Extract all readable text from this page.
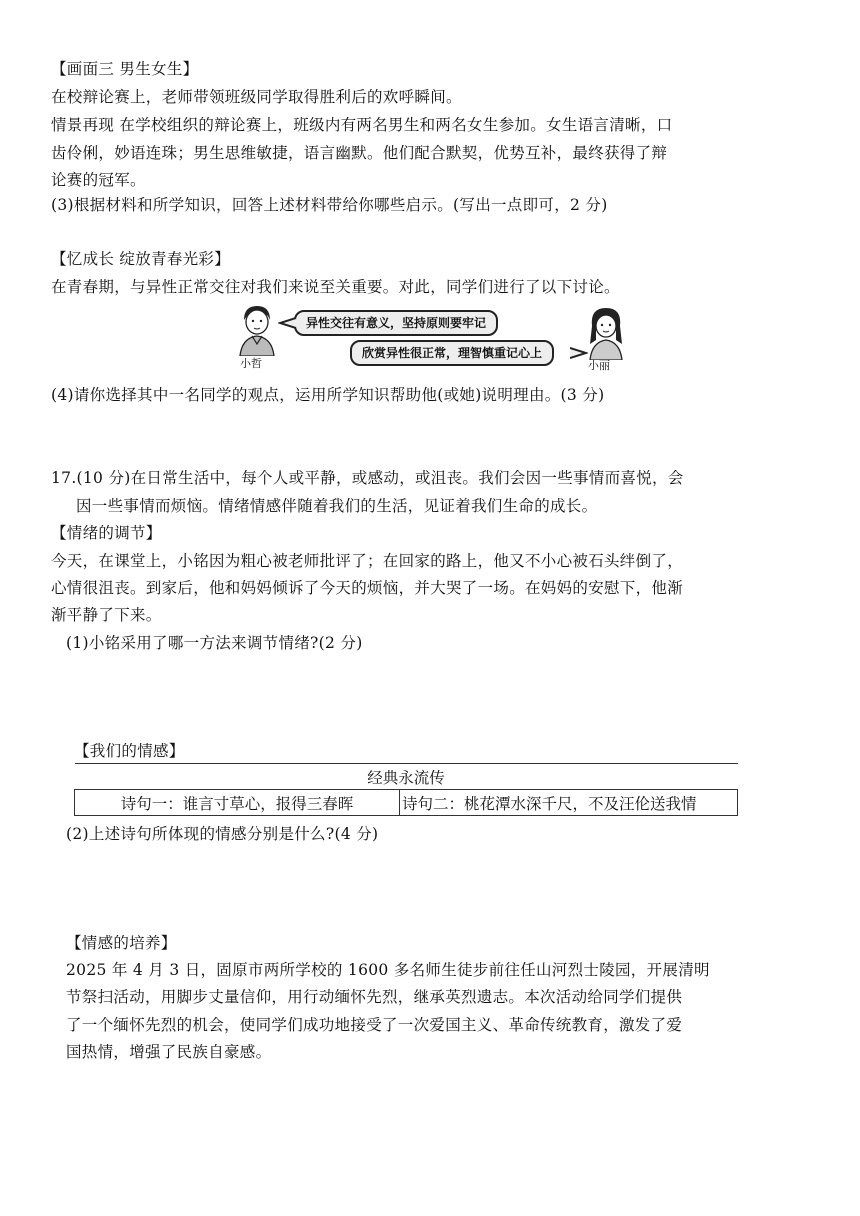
【画面三 男生女生】
在校辩论赛上，老师带领班级同学取得胜利后的欢呼瞬间。
情景再现 在学校组织的辩论赛上，班级内有两名男生和两名女生参加。女生语言清晰，口
齿伶俐，妙语连珠；男生思维敏捷，语言幽默。他们配合默契，优势互补，最终获得了辩
论赛的冠军。
(3)根据材料和所学知识，回答上述材料带给你哪些启示。(写出一点即可，2 分)
【忆成长 绽放青春光彩】
在青春期，与异性正常交往对我们来说至关重要。对此，同学们进行了以下讨论。
小哲
异性交往有意义，坚持原则要牢记
欣赏异性很正常，理智慎重记心上
小丽
(4)请你选择其中一名同学的观点，运用所学知识帮助他(或她)说明理由。(3 分)
17.(10 分)在日常生活中，每个人或平静，或感动，或沮丧。我们会因一些事情而喜悦，会
因一些事情而烦恼。情绪情感伴随着我们的生活，见证着我们生命的成长。
【情绪的调节】
今天，在课堂上，小铭因为粗心被老师批评了；在回家的路上，他又不小心被石头绊倒了，
心情很沮丧。到家后，他和妈妈倾诉了今天的烦恼，并大哭了一场。在妈妈的安慰下，他渐
渐平静了下来。
(1)小铭采用了哪一方法来调节情绪?(2 分)
【我们的情感】
经典永流传
诗句一：谁言寸草心，报得三春晖	诗句二：桃花潭水深千尺，不及汪伦送我情
(2)上述诗句所体现的情感分别是什么?(4 分)
【情感的培养】
2025 年 4 月 3 日，固原市两所学校的 1600 多名师生徒步前往任山河烈士陵园，开展清明
节祭扫活动，用脚步丈量信仰，用行动缅怀先烈，继承英烈遗志。本次活动给同学们提供
了一个缅怀先烈的机会，使同学们成功地接受了一次爱国主义、革命传统教育，激发了爱
国热情，增强了民族自豪感。
